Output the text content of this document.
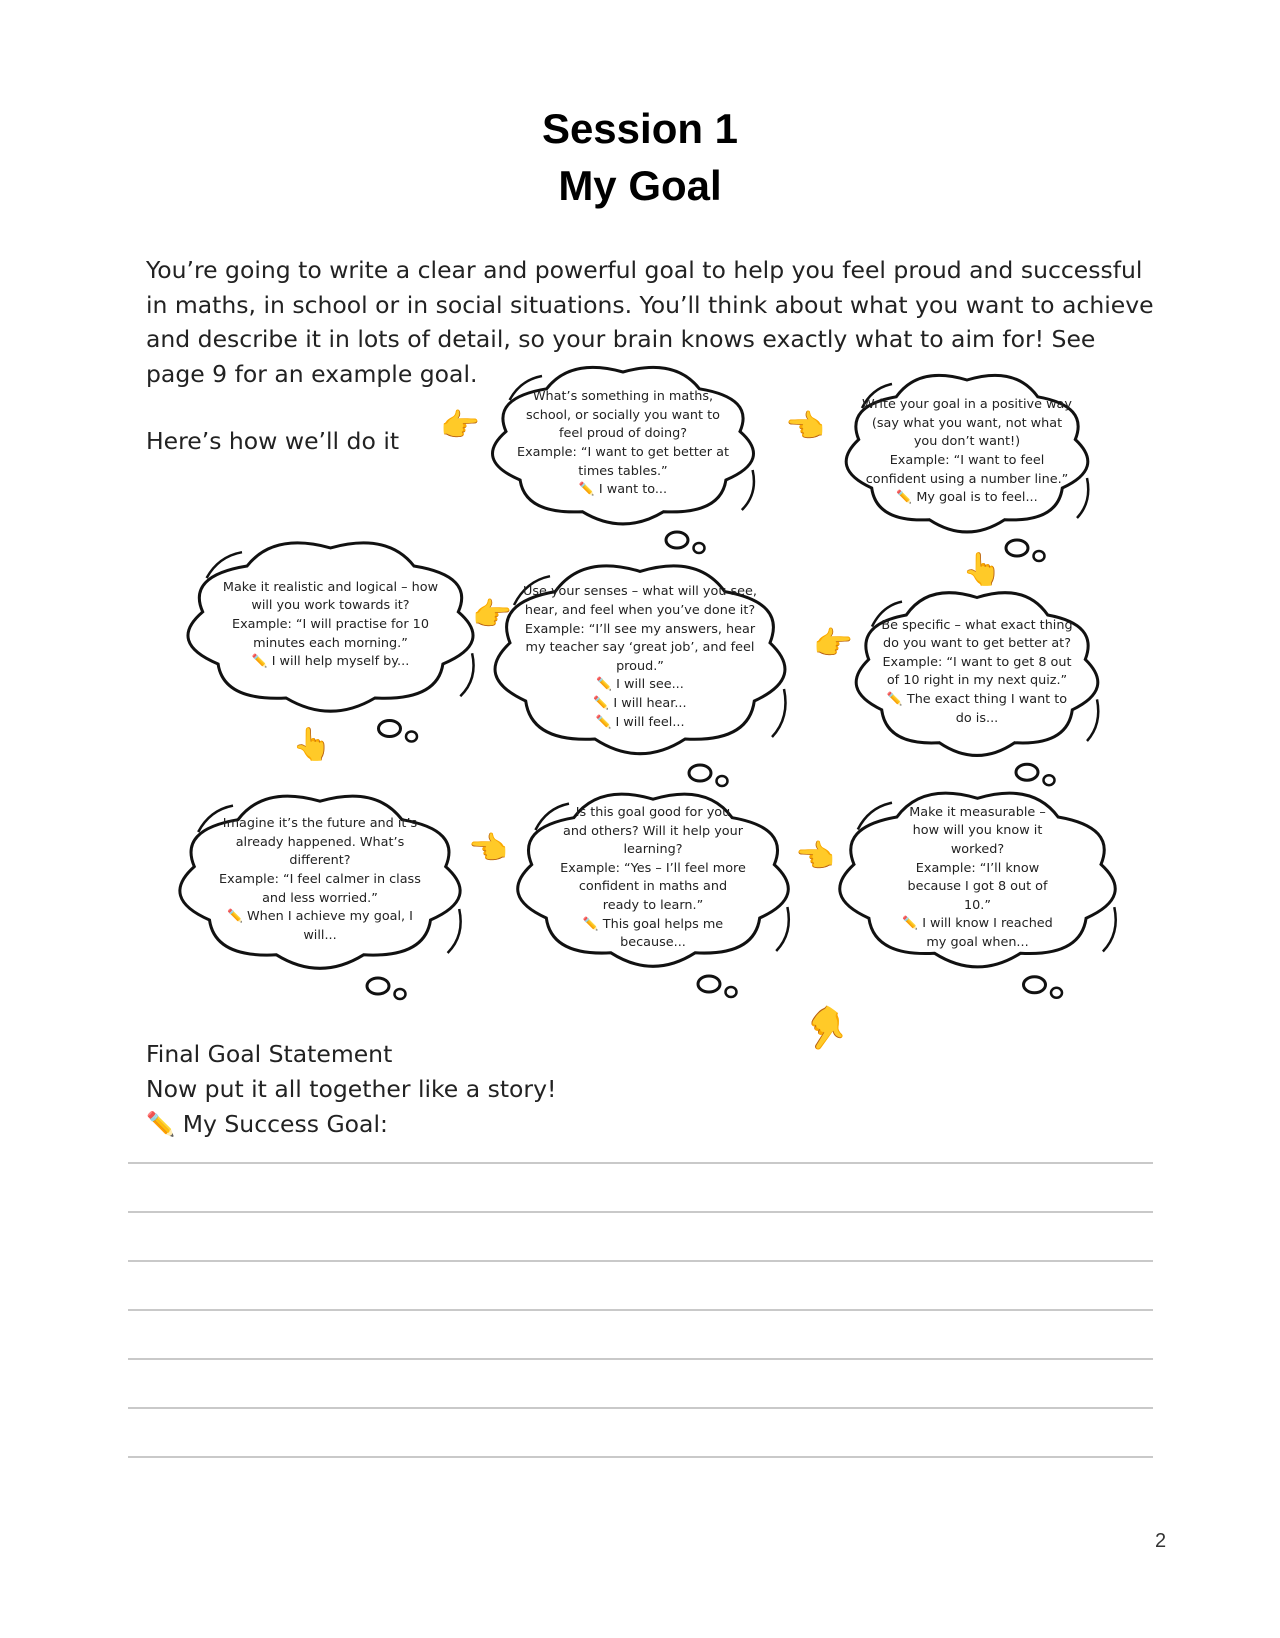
Session 1
My Goal
You’re going to write a clear and powerful goal to help you feel proud and successful in maths, in school or in social situations. You’ll think about what you want to achieve and describe it in lots of detail, so your brain knows exactly what to aim for! See page 9 for an example goal.
Here’s how we’ll do it
What’s something in maths,
school, or socially you want to
feel proud of doing?
Example: “I want to get better at
times tables.”
✏️ I want to...
Write your goal in a positive way
(say what you want, not what
you don’t want!)
Example: “I want to feel
confident using a number line.”
✏️ My goal is to feel...
Be specific – what exact thing
do you want to get better at?
Example: “I want to get 8 out
of 10 right in my next quiz.”
✏️ The exact thing I want to
do is...
Use your senses – what will you see,
hear, and feel when you’ve done it?
Example: “I’ll see my answers, hear
my teacher say ‘great job’, and feel
proud.”
✏️ I will see...
✏️ I will hear...
✏️ I will feel...
Make it realistic and logical – how
will you work towards it?
Example: “I will practise for 10
minutes each morning.”
✏️ I will help myself by...
Imagine it’s the future and it’s
already happened. What’s
different?
Example: “I feel calmer in class
and less worried.”
✏️ When I achieve my goal, I
will...
Is this goal good for you
and others? Will it help your
learning?
Example: “Yes – I’ll feel more
confident in maths and
ready to learn.”
✏️ This goal helps me
because...
Make it measurable –
how will you know it
worked?
Example: “I’ll know
because I got 8 out of
10.”
✏️ I will know I reached
my goal when...
👉	👈
👆
👉
👉
👆
👈	👈
👇
Final Goal Statement
Now put it all together like a story!
✏️ My Success Goal:
2
